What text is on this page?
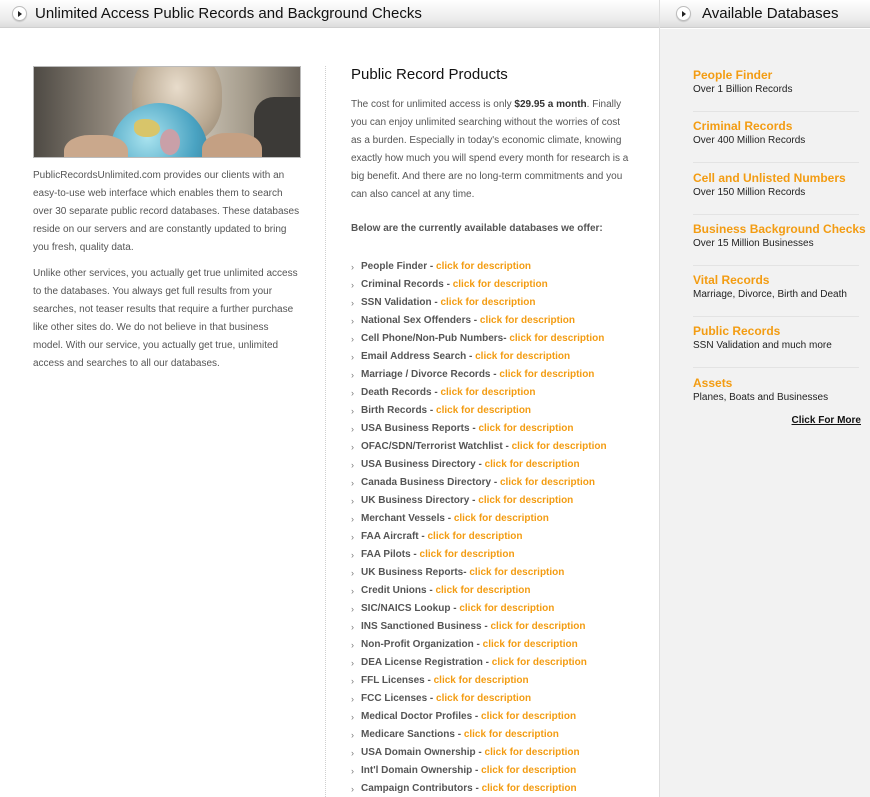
Unlimited Access Public Records and Background Checks	Available Databases

PublicRecordsUnlimited.com provides our clients with an easy-to-use web interface which enables them to search over 30 separate public record databases. These databases reside on our servers and are constantly updated to bring you fresh, quality data.

Unlike other services, you actually get true unlimited access to the databases. You always get full results from your searches, not teaser results that require a further purchase like other sites do. We do not believe in that business model. With our service, you actually get true, unlimited access and searches to all our databases.

Public Record Products
The cost for unlimited access is only $29.95 a month. Finally you can enjoy unlimited searching without the worries of cost as a burden. Especially in today's economic climate, knowing exactly how much you will spend every month for research is a big benefit. And there are no long-term commitments and you can also cancel at any time.
Below are the currently available databases we offer:
› People Finder - click for description
› Criminal Records - click for description
› SSN Validation - click for description
› National Sex Offenders - click for description
› Cell Phone/Non-Pub Numbers - click for description
› Email Address Search - click for description
› Marriage / Divorce Records - click for description
› Death Records - click for description
› Birth Records - click for description
› USA Business Reports - click for description
› OFAC/SDN/Terrorist Watchlist - click for description
› USA Business Directory - click for description
› Canada Business Directory - click for description
› UK Business Directory - click for description
› Merchant Vessels - click for description
› FAA Aircraft - click for description
› FAA Pilots - click for description
› UK Business Reports - click for description
› Credit Unions - click for description
› SIC/NAICS Lookup - click for description
› INS Sanctioned Business - click for description
› Non-Profit Organization - click for description
› DEA License Registration - click for description
› FFL Licenses - click for description
› FCC Licenses - click for description
› Medical Doctor Profiles - click for description
› Medicare Sanctions - click for description
› USA Domain Ownership - click for description
› Int'l Domain Ownership - click for description
› Campaign Contributors - click for description
People Finder
Over 1 Billion Records
Criminal Records
Over 400 Million Records
Cell and Unlisted Numbers
Over 150 Million Records
Business Background Checks
Over 15 Million Businesses
Vital Records
Marriage, Divorce, Birth and Death
Public Records
SSN Validation and much more
Assets
Planes, Boats and Businesses
Click For More
